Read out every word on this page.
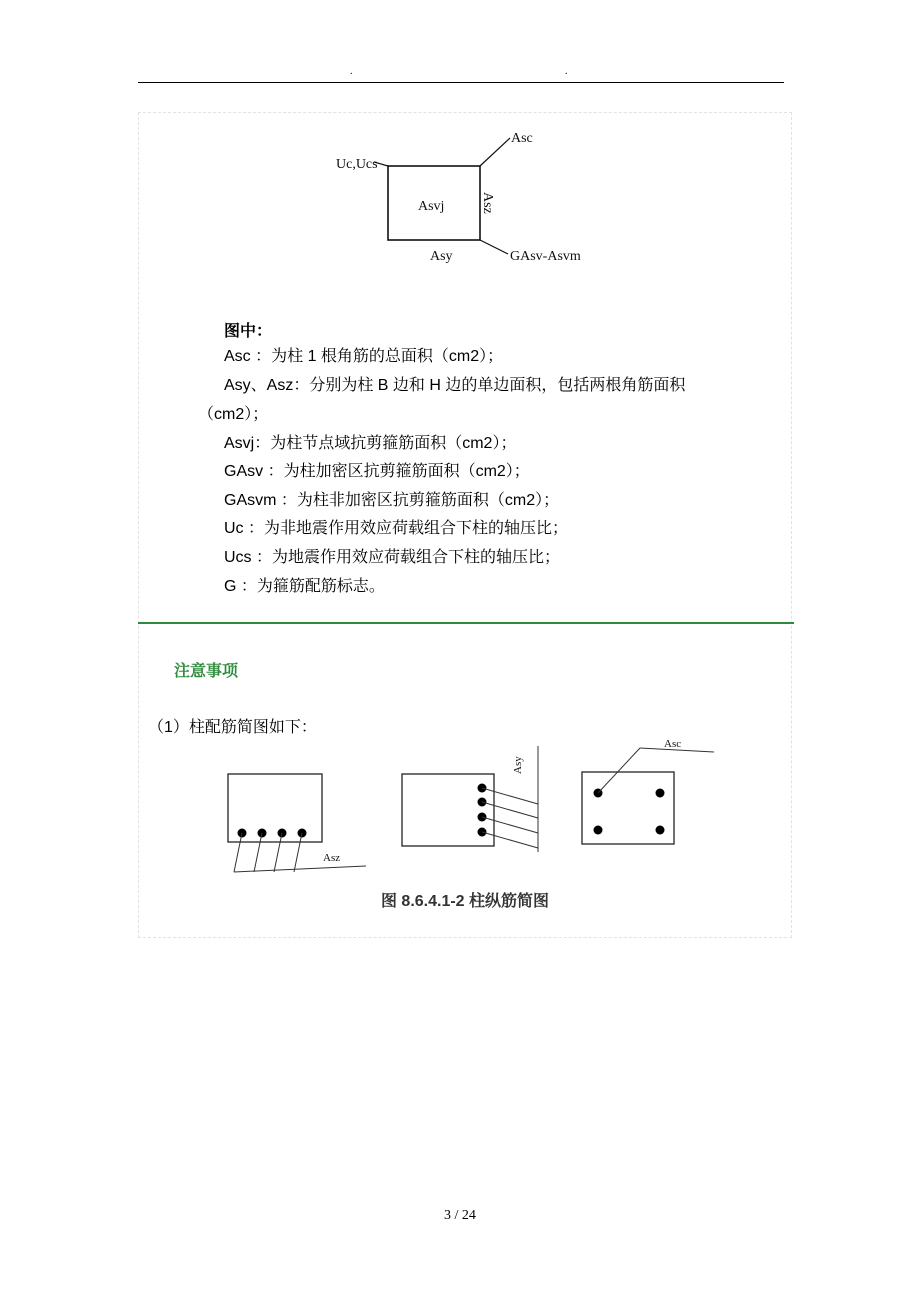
.	.
Uc,Ucs
Asc
Asvj	Asz
Asy	GAsv-Asvm
图中：
Asc ：为柱 1 根角筋的总面积（cm2）；
Asy、Asz：分别为柱 B 边和 H 边的单边面积，包括两根角筋面积
（cm2）；
Asvj：为柱节点域抗剪箍筋面积（cm2）；
GAsv ：为柱加密区抗剪箍筋面积（cm2）；
GAsvm ：为柱非加密区抗剪箍筋面积（cm2）；
Uc ：为非地震作用效应荷载组合下柱的轴压比；
Ucs ：为地震作用效应荷载组合下柱的轴压比；
G ：为箍筋配筋标志。
注意事项
（1）柱配筋简图如下：
Asz
Asy
Asc
图 8.6.4.1-2 柱纵筋简图
3 / 24
